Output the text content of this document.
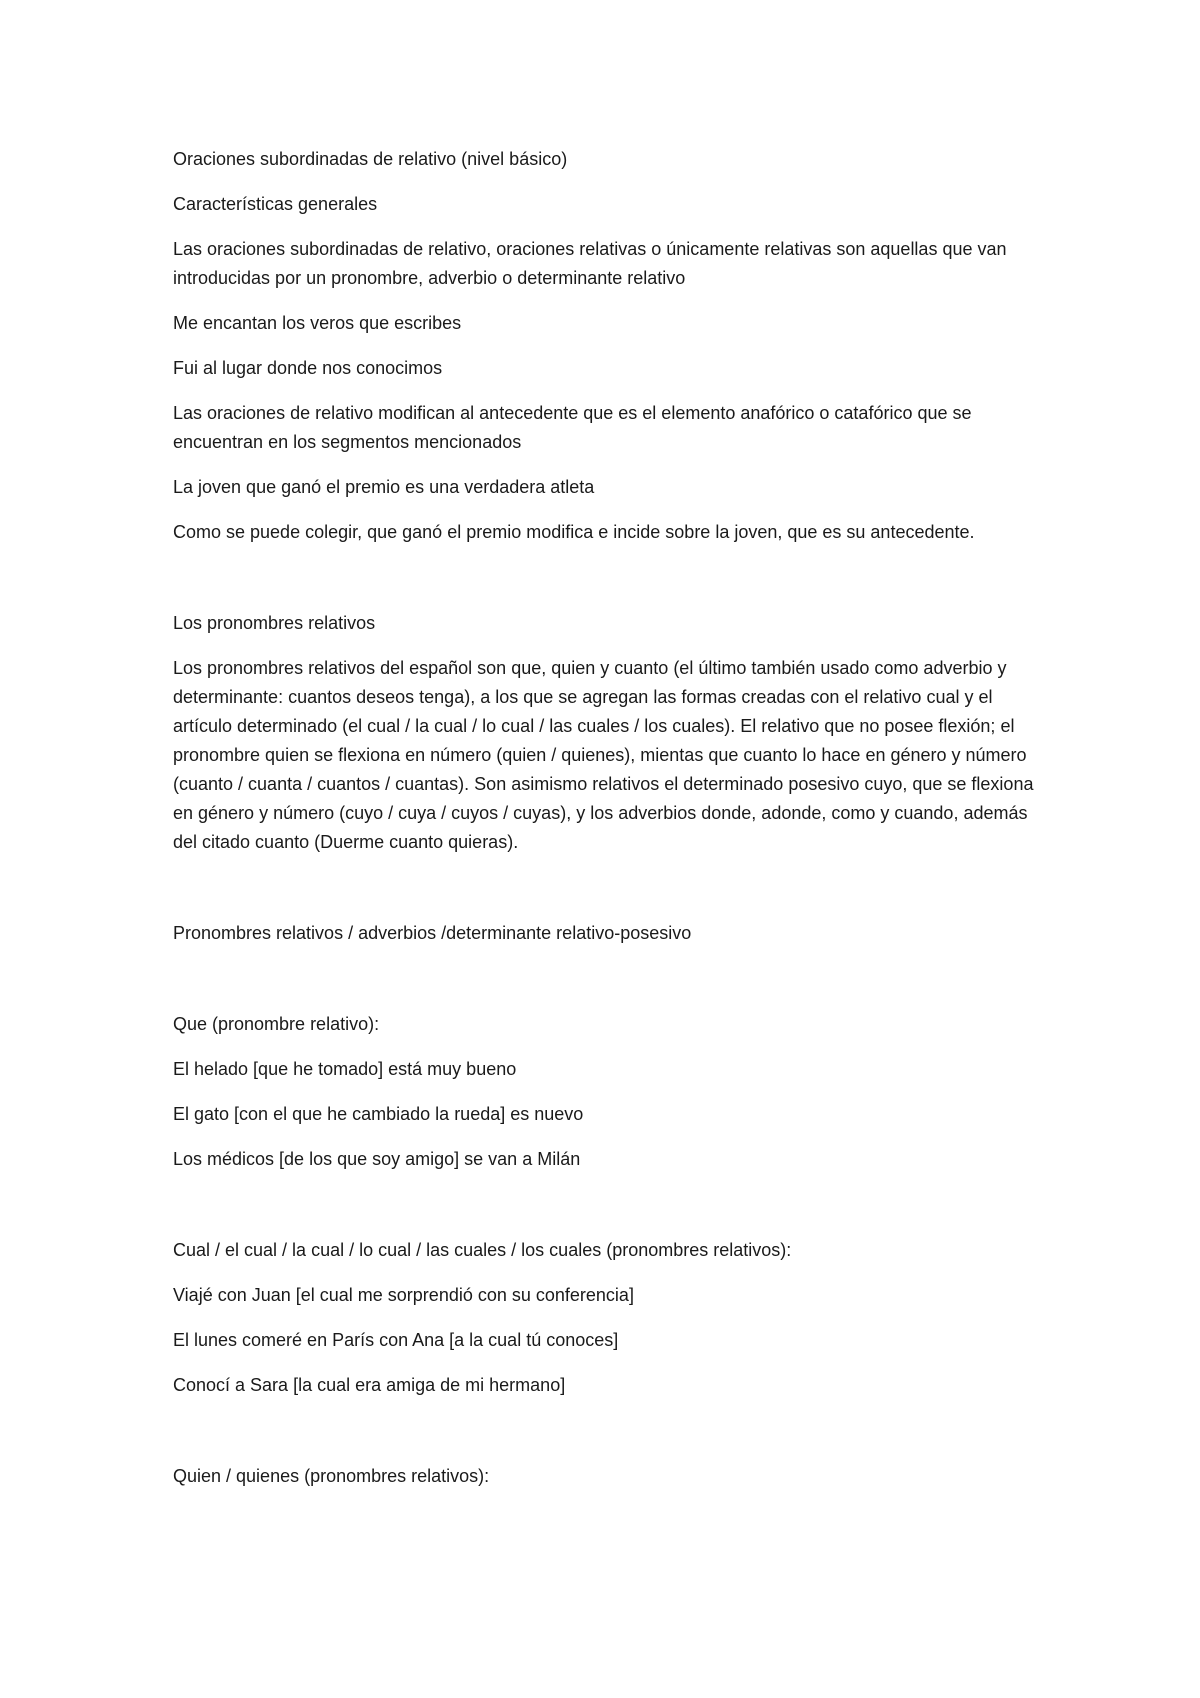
Oraciones subordinadas de relativo (nivel básico)

Características generales

Las oraciones subordinadas de relativo, oraciones relativas o únicamente relativas son aquellas que van introducidas por un pronombre, adverbio o determinante relativo

Me encantan los veros que escribes

Fui al lugar donde nos conocimos

Las oraciones de relativo modifican al antecedente que es el elemento anafórico o catafórico que se encuentran en los segmentos mencionados

La joven que ganó el premio es una verdadera atleta

Como se puede colegir, que ganó el premio modifica e incide sobre la joven, que es su antecedente.

Los pronombres relativos

Los pronombres relativos del español son que, quien y cuanto (el último también usado como adverbio y determinante: cuantos deseos tenga), a los que se agregan las formas creadas con el relativo cual y el artículo determinado (el cual / la cual / lo cual / las cuales / los cuales). El relativo que no posee flexión; el pronombre quien se flexiona en número (quien / quienes), mientas que cuanto lo hace en género y número (cuanto / cuanta / cuantos / cuantas). Son asimismo relativos el determinado posesivo cuyo, que se flexiona en género y número (cuyo / cuya / cuyos / cuyas), y los adverbios donde, adonde, como y cuando, además del citado cuanto (Duerme cuanto quieras).

Pronombres relativos / adverbios /determinante relativo-posesivo

Que (pronombre relativo):

El helado [que he tomado] está muy bueno

El gato [con el que he cambiado la rueda] es nuevo

Los médicos [de los que soy amigo] se van a Milán

Cual / el cual / la cual / lo cual / las cuales / los cuales (pronombres relativos):

Viajé con Juan [el cual me sorprendió con su conferencia]

El lunes comeré en París con Ana [a la cual tú conoces]

Conocí a Sara [la cual era amiga de mi hermano]

Quien / quienes (pronombres relativos):
